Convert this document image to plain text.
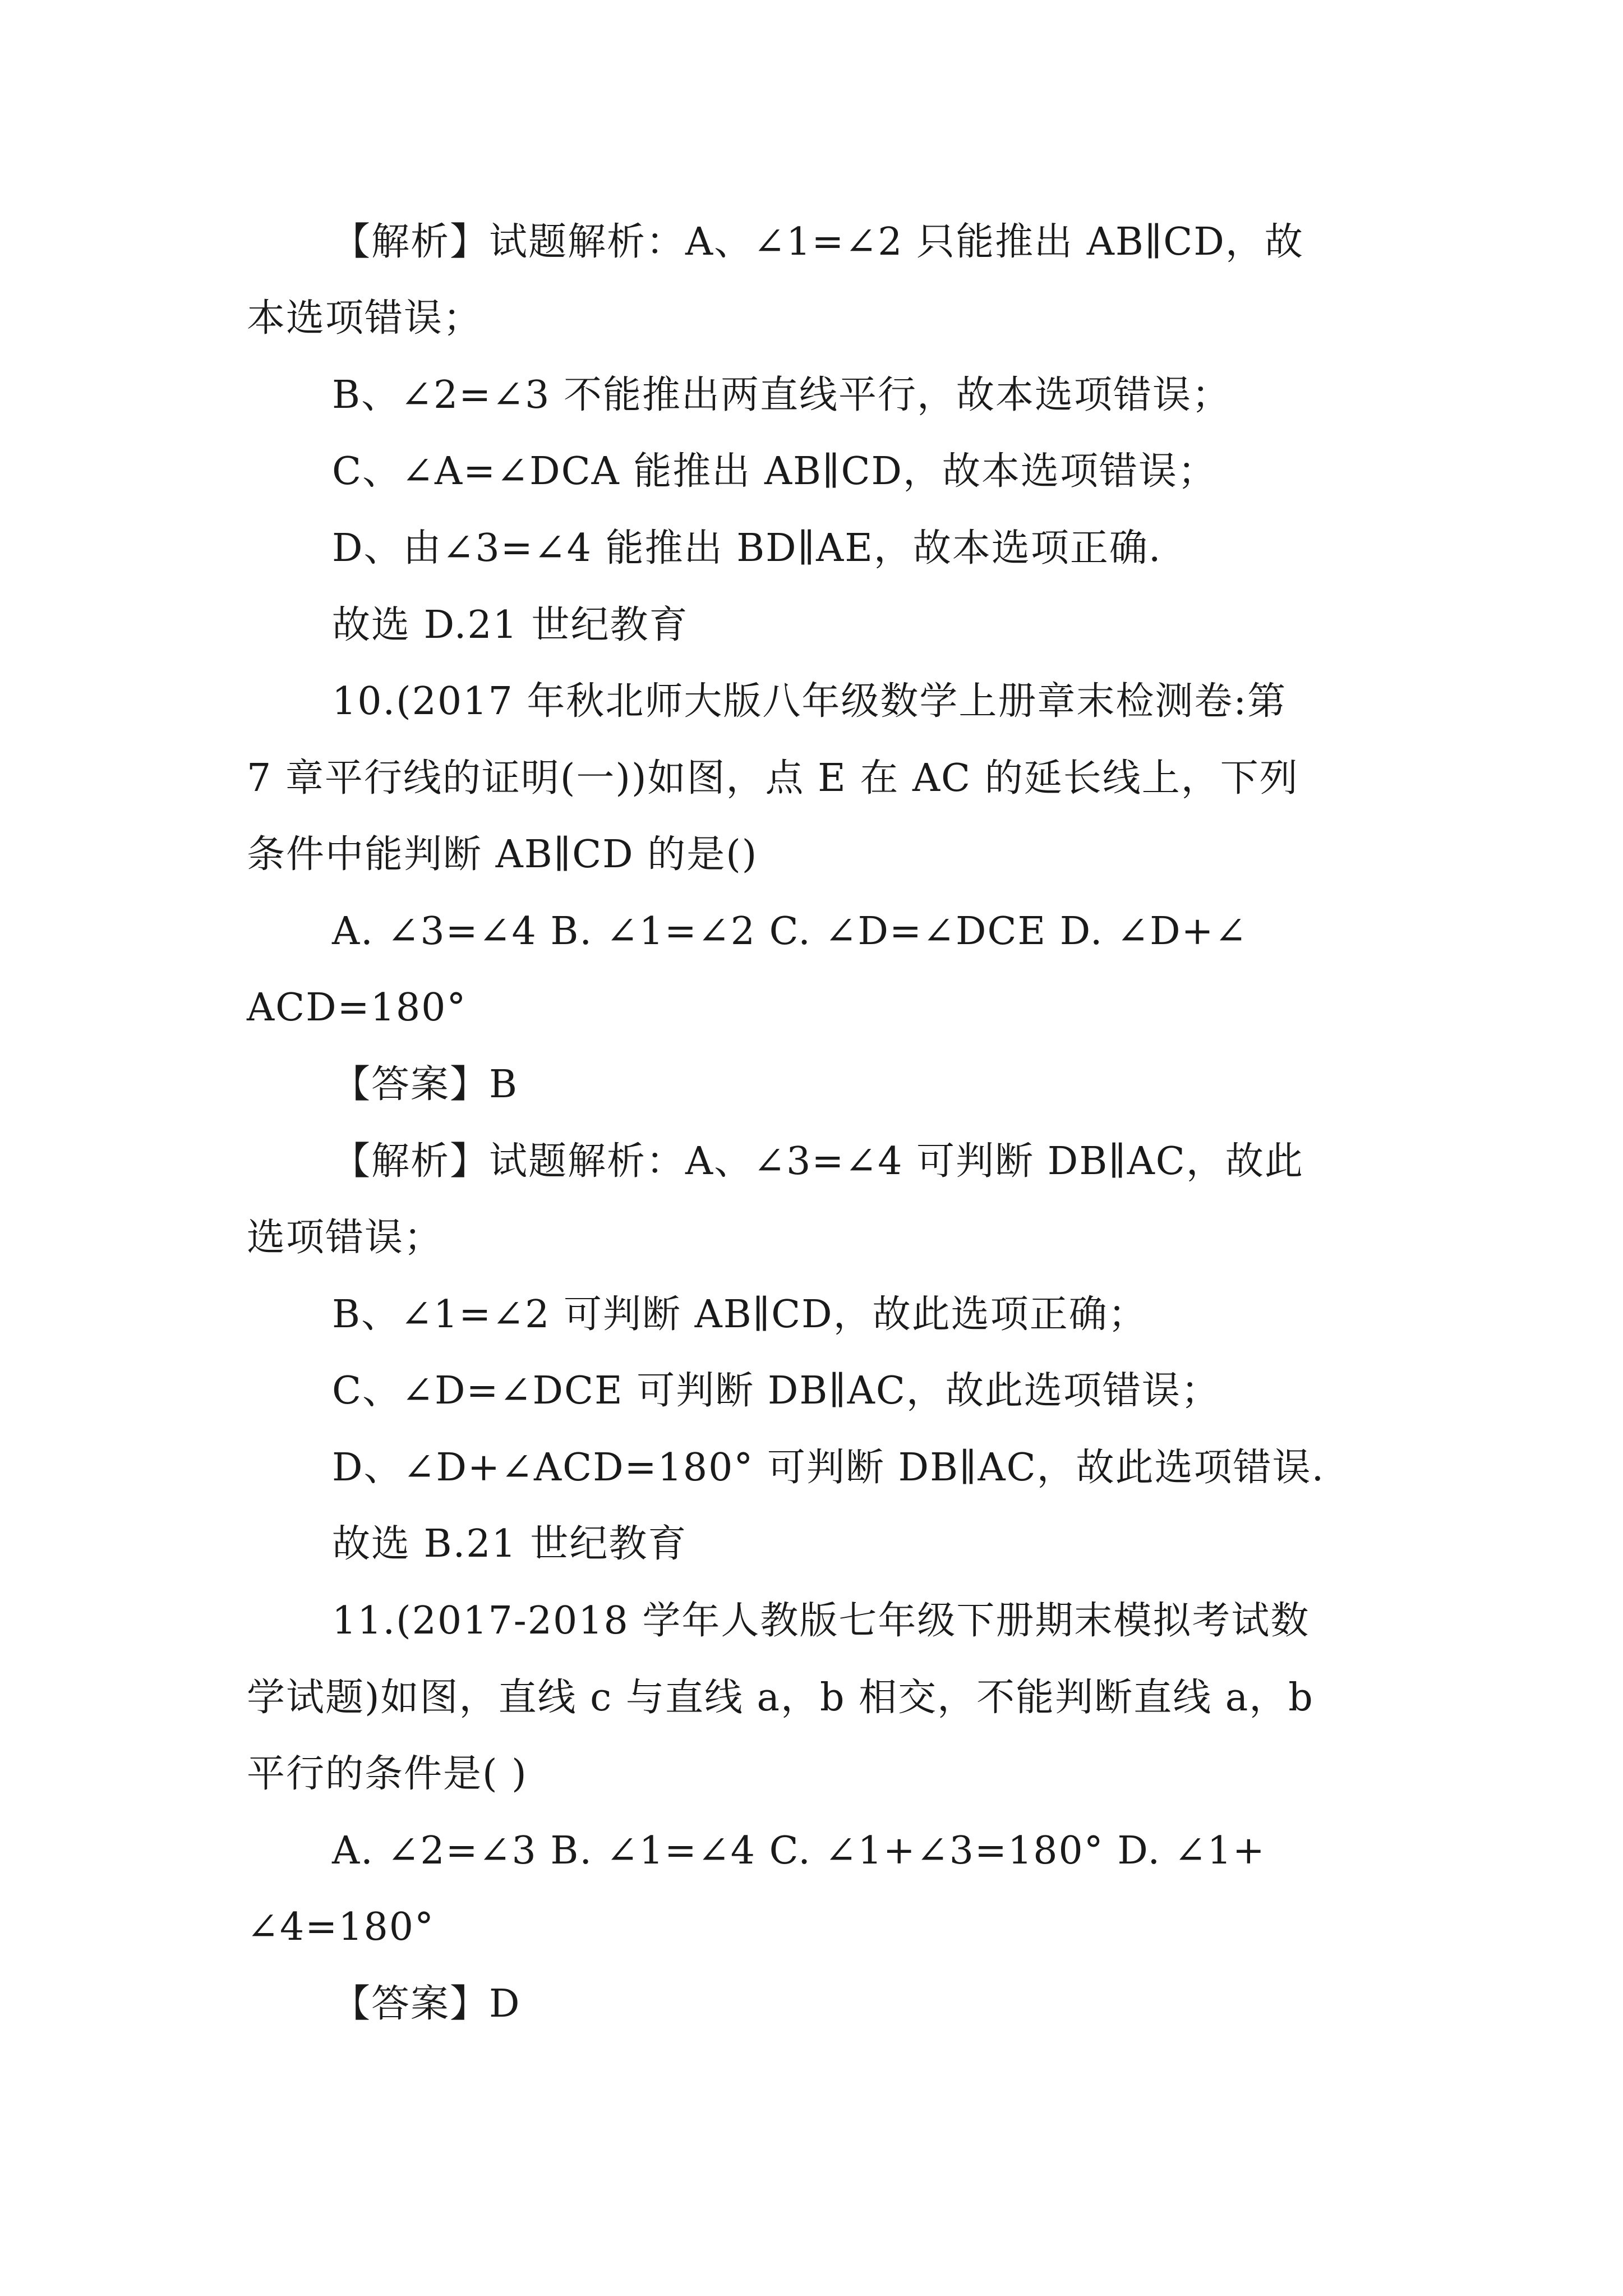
【解析】试题解析：A、∠1=∠2 只能推出 AB∥CD，故
本选项错误；
B、∠2=∠3 不能推出两直线平行，故本选项错误；
C、∠A=∠DCA 能推出 AB∥CD，故本选项错误；
D、由∠3=∠4 能推出 BD∥AE，故本选项正确.
故选 D.21 世纪教育
10.(2017 年秋北师大版八年级数学上册章末检测卷:第
7 章平行线的证明(一))如图，点 E 在 AC 的延长线上，下列
条件中能判断 AB∥CD 的是()
A. ∠3=∠4 B. ∠1=∠2 C. ∠D=∠DCE D. ∠D+∠
ACD=180°
【答案】B
【解析】试题解析：A、∠3=∠4 可判断 DB∥AC，故此
选项错误；
B、∠1=∠2 可判断 AB∥CD，故此选项正确；
C、∠D=∠DCE 可判断 DB∥AC，故此选项错误；
D、∠D+∠ACD=180° 可判断 DB∥AC，故此选项错误.
故选 B.21 世纪教育
11.(2017-2018 学年人教版七年级下册期末模拟考试数
学试题)如图，直线 c 与直线 a，b 相交，不能判断直线 a，b
平行的条件是( )
A. ∠2=∠3 B. ∠1=∠4 C. ∠1+∠3=180° D. ∠1+
∠4=180°
【答案】D
